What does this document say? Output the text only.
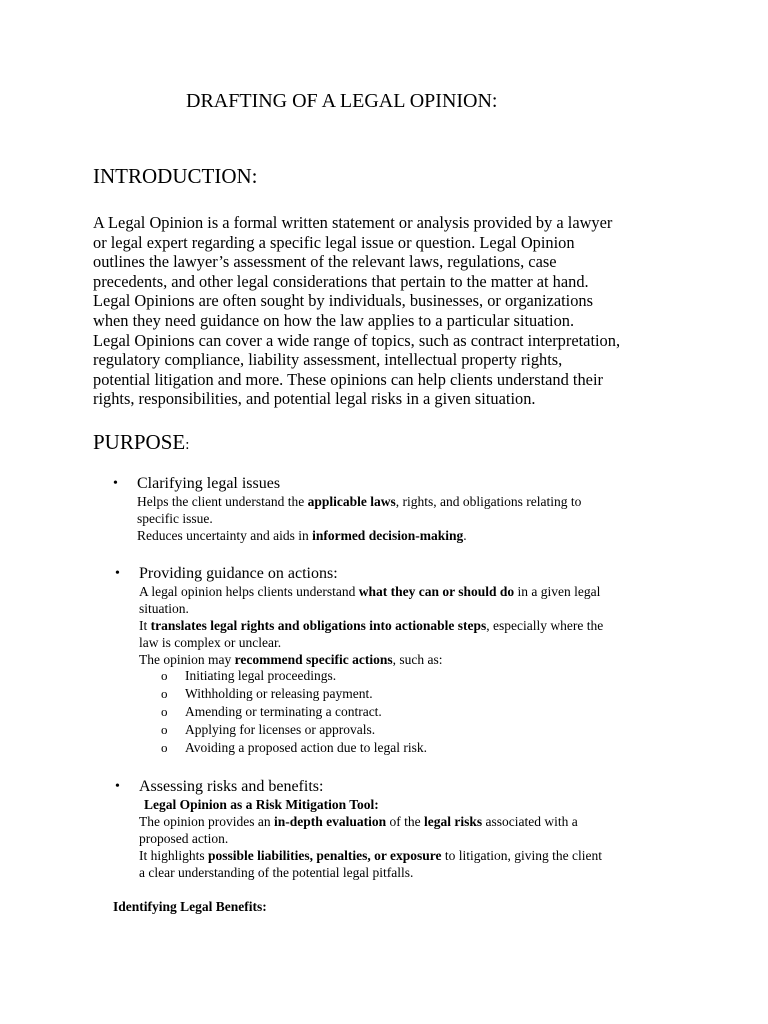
DRAFTING OF A LEGAL OPINION:
INTRODUCTION:
A Legal Opinion is a formal written statement or analysis provided by a lawyer
or legal expert regarding a specific legal issue or question. Legal Opinion
outlines the lawyer’s assessment of the relevant laws, regulations, case
precedents, and other legal considerations that pertain to the matter at hand.
Legal Opinions are often sought by individuals, businesses, or organizations
when they need guidance on how the law applies to a particular situation.
Legal Opinions can cover a wide range of topics, such as contract interpretation,
regulatory compliance, liability assessment, intellectual property rights,
potential litigation and more. These opinions can help clients understand their
rights, responsibilities, and potential legal risks in a given situation.
PURPOSE:
• Clarifying legal issues
Helps the client understand the applicable laws, rights, and obligations relating to
specific issue.
Reduces uncertainty and aids in informed decision-making.
• Providing guidance on actions:
A legal opinion helps clients understand what they can or should do in a given legal
situation.
It translates legal rights and obligations into actionable steps, especially where the
law is complex or unclear.
The opinion may recommend specific actions, such as:
o Initiating legal proceedings.
o Withholding or releasing payment.
o Amending or terminating a contract.
o Applying for licenses or approvals.
o Avoiding a proposed action due to legal risk.
• Assessing risks and benefits:
Legal Opinion as a Risk Mitigation Tool:
The opinion provides an in-depth evaluation of the legal risks associated with a
proposed action.
It highlights possible liabilities, penalties, or exposure to litigation, giving the client
a clear understanding of the potential legal pitfalls.
Identifying Legal Benefits:
